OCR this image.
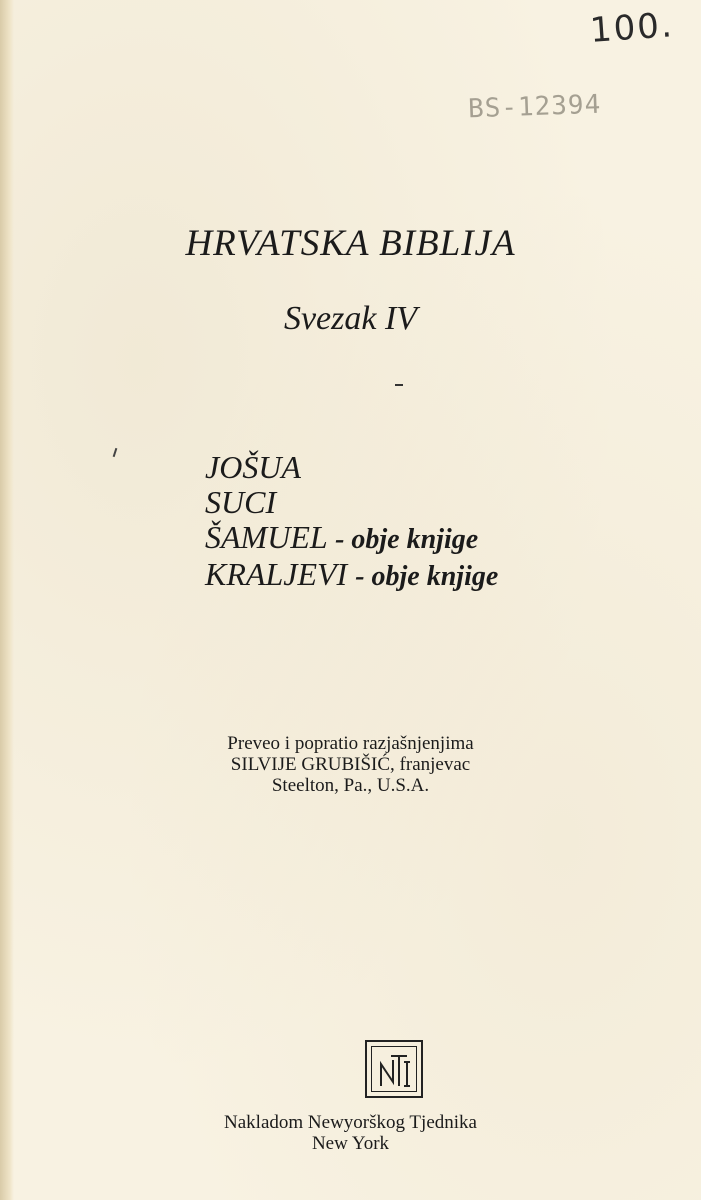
100.
BS-12394
HRVATSKA BIBLIJA
Svezak IV
JOŠUA
SUCI
ŠAMUEL - obje knjige
KRALJEVI - obje knjige
Preveo i popratio razjašnjenjima
SILVIJE GRUBIŠIĆ, franjevac
Steelton, Pa., U.S.A.
Nakladom Newyorškog Tjednika
New York
